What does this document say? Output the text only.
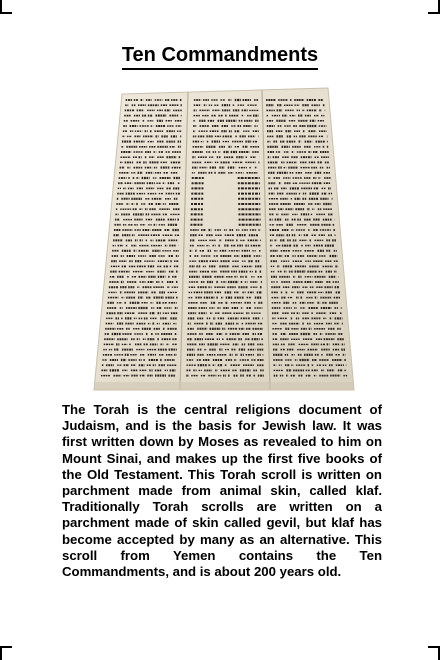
Ten Commandments
The Torah is the central religions document of Judaism, and is the basis for Jewish law. It was first written down by Moses as revealed to him on Mount Sinai, and makes up the first five books of the Old Testament. This Torah scroll is written on parchment made from animal skin, called klaf. Traditionally Torah scrolls are written on a parchment made of skin called gevil, but klaf has become accepted by many as an alternative. This scroll from Yemen contains the Ten Commandments, and is about 200 years old.
